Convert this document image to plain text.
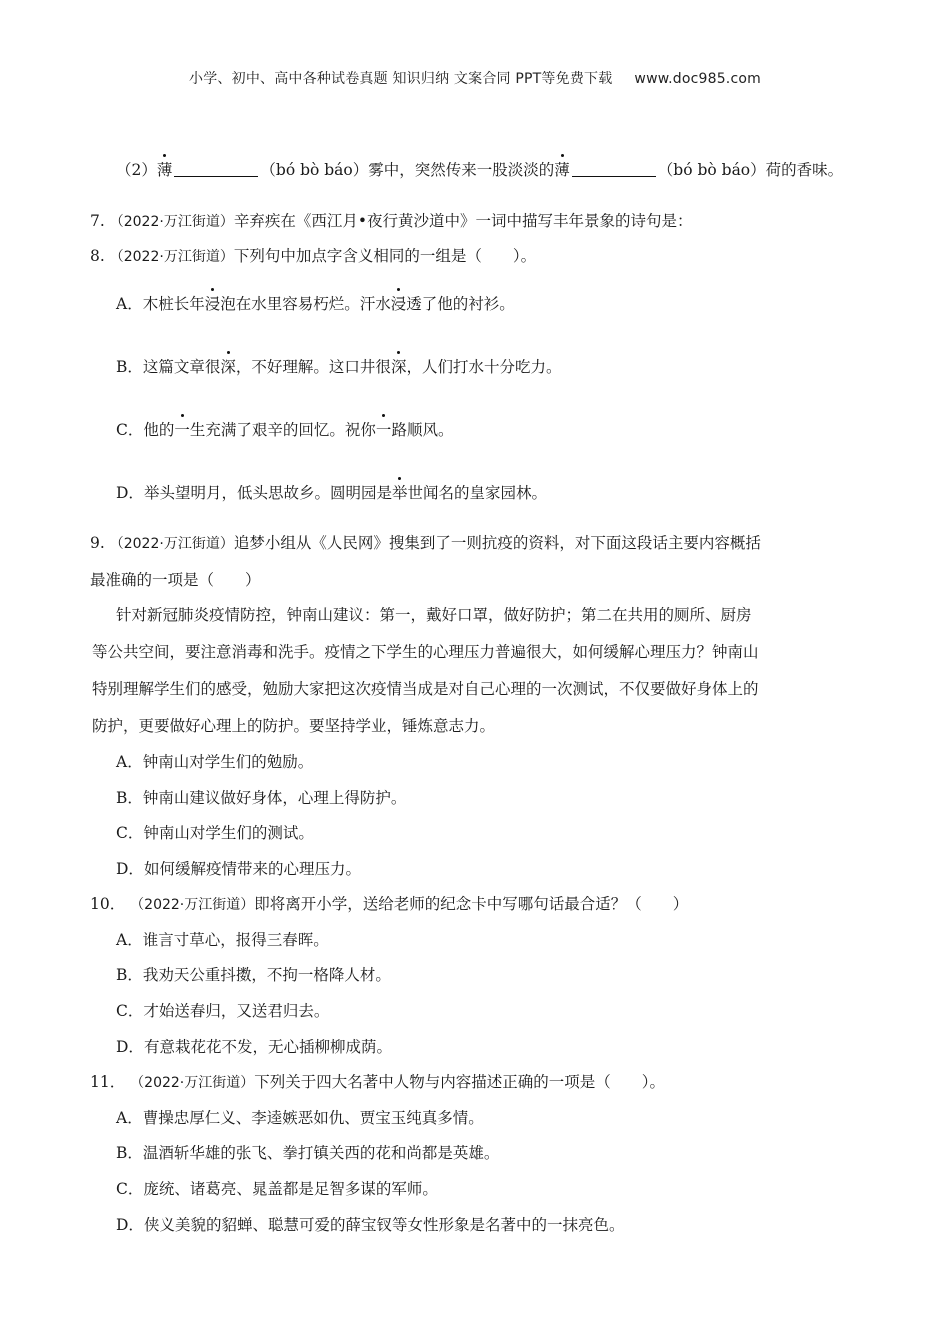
小学、初中、高中各种试卷真题 知识归纳 文案合同 PPT等免费下载 www.doc985.com
（2）薄	（bó bò báo）雾中，突然传来一股淡淡的薄	（bó bò báo）荷的香味。
7. （2022·万江街道）辛弃疾在《西江月•夜行黄沙道中》一词中描写丰年景象的诗句是：
8. （2022·万江街道）下列句中加点字含义相同的一组是（　　）。
A．木桩长年浸泡在水里容易朽烂。汗水浸透了他的衬衫。
B．这篇文章很深，不好理解。这口井很深，人们打水十分吃力。
C．他的一生充满了艰辛的回忆。祝你一路顺风。
D．举头望明月，低头思故乡。圆明园是举世闻名的皇家园林。
9. （2022·万江街道）追梦小组从《人民网》搜集到了一则抗疫的资料，对下面这段话主要内容概括
最准确的一项是（　　）
针对新冠肺炎疫情防控，钟南山建议：第一，戴好口罩，做好防护；第二在共用的厕所、厨房
等公共空间，要注意消毒和洗手。疫情之下学生的心理压力普遍很大，如何缓解心理压力？钟南山
特别理解学生们的感受，勉励大家把这次疫情当成是对自己心理的一次测试，不仅要做好身体上的
防护，更要做好心理上的防护。要坚持学业，锤炼意志力。
A．钟南山对学生们的勉励。
B．钟南山建议做好身体，心理上得防护。
C．钟南山对学生们的测试。
D．如何缓解疫情带来的心理压力。
10． （2022·万江街道）即将离开小学，送给老师的纪念卡中写哪句话最合适？（　　）
A．谁言寸草心，报得三春晖。
B．我劝天公重抖擞，不拘一格降人材。
C．才始送春归，又送君归去。
D．有意栽花花不发，无心插柳柳成荫。
11． （2022·万江街道）下列关于四大名著中人物与内容描述正确的一项是（　　）。
A．曹操忠厚仁义、李逵嫉恶如仇、贾宝玉纯真多情。
B．温酒斩华雄的张飞、拳打镇关西的花和尚都是英雄。
C．庞统、诸葛亮、晁盖都是足智多谋的军师。
D．侠义美貌的貂蝉、聪慧可爱的薛宝钗等女性形象是名著中的一抹亮色。
